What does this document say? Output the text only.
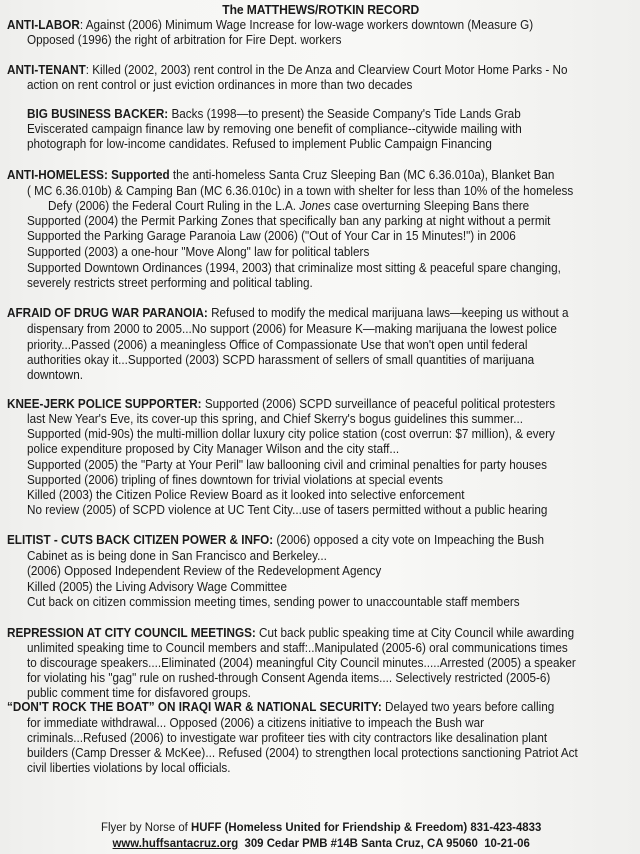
The MATTHEWS/ROTKIN RECORD
ANTI-LABOR: Against (2006) Minimum Wage Increase for low-wage workers downtown (Measure G)
Opposed (1996) the right of arbitration for Fire Dept. workers
ANTI-TENANT: Killed (2002, 2003) rent control in the De Anza and Clearview Court Motor Home Parks - No
action on rent control or just eviction ordinances in more than two decades
BIG BUSINESS BACKER: Backs (1998—to present) the Seaside Company's Tide Lands Grab
Eviscerated campaign finance law by removing one benefit of compliance--citywide mailing with
photograph for low-income candidates. Refused to implement Public Campaign Financing
ANTI-HOMELESS: Supported the anti-homeless Santa Cruz Sleeping Ban (MC 6.36.010a), Blanket Ban
( MC 6.36.010b) & Camping Ban (MC 6.36.010c) in a town with shelter for less than 10% of the homeless
Defy (2006) the Federal Court Ruling in the L.A. Jones case overturning Sleeping Bans there
Supported (2004) the Permit Parking Zones that specifically ban any parking at night without a permit
Supported the Parking Garage Paranoia Law (2006) ("Out of Your Car in 15 Minutes!") in 2006
Supported (2003) a one-hour "Move Along" law for political tablers
Supported Downtown Ordinances (1994, 2003) that criminalize most sitting & peaceful spare changing,
severely restricts street performing and political tabling.
AFRAID OF DRUG WAR PARANOIA: Refused to modify the medical marijuana laws—keeping us without a
dispensary from 2000 to 2005...No support (2006) for Measure K—making marijuana the lowest police
priority...Passed (2006) a meaningless Office of Compassionate Use that won't open until federal
authorities okay it...Supported (2003) SCPD harassment of sellers of small quantities of marijuana
downtown.
KNEE-JERK POLICE SUPPORTER: Supported (2006) SCPD surveillance of peaceful political protesters
last New Year's Eve, its cover-up this spring, and Chief Skerry's bogus guidelines this summer...
Supported (mid-90s) the multi-million dollar luxury city police station (cost overrun: $7 million), & every
police expenditure proposed by City Manager Wilson and the city staff...
Supported (2005) the "Party at Your Peril" law ballooning civil and criminal penalties for party houses
Supported (2006) tripling of fines downtown for trivial violations at special events
Killed (2003) the Citizen Police Review Board as it looked into selective enforcement
No review (2005) of SCPD violence at UC Tent City...use of tasers permitted without a public hearing
ELITIST - CUTS BACK CITIZEN POWER & INFO: (2006) opposed a city vote on Impeaching the Bush
Cabinet as is being done in San Francisco and Berkeley...
(2006) Opposed Independent Review of the Redevelopment Agency
Killed (2005) the Living Advisory Wage Committee
Cut back on citizen commission meeting times, sending power to unaccountable staff members
REPRESSION AT CITY COUNCIL MEETINGS: Cut back public speaking time at City Council while awarding
unlimited speaking time to Council members and staff:..Manipulated (2005-6) oral communications times
to discourage speakers....Eliminated (2004) meaningful City Council minutes.....Arrested (2005) a speaker
for violating his "gag" rule on rushed-through Consent Agenda items.... Selectively restricted (2005-6)
public comment time for disfavored groups.
“DON'T ROCK THE BOAT” ON IRAQI WAR & NATIONAL SECURITY: Delayed two years before calling
for immediate withdrawal... Opposed (2006) a citizens initiative to impeach the Bush war
criminals...Refused (2006) to investigate war profiteer ties with city contractors like desalination plant
builders (Camp Dresser & McKee)... Refused (2004) to strengthen local protections sanctioning Patriot Act
civil liberties violations by local officials.
Flyer by Norse of HUFF (Homeless United for Friendship & Freedom) 831-423-4833
www.huffsantacruz.org  309 Cedar PMB #14B Santa Cruz, CA 95060  10-21-06
